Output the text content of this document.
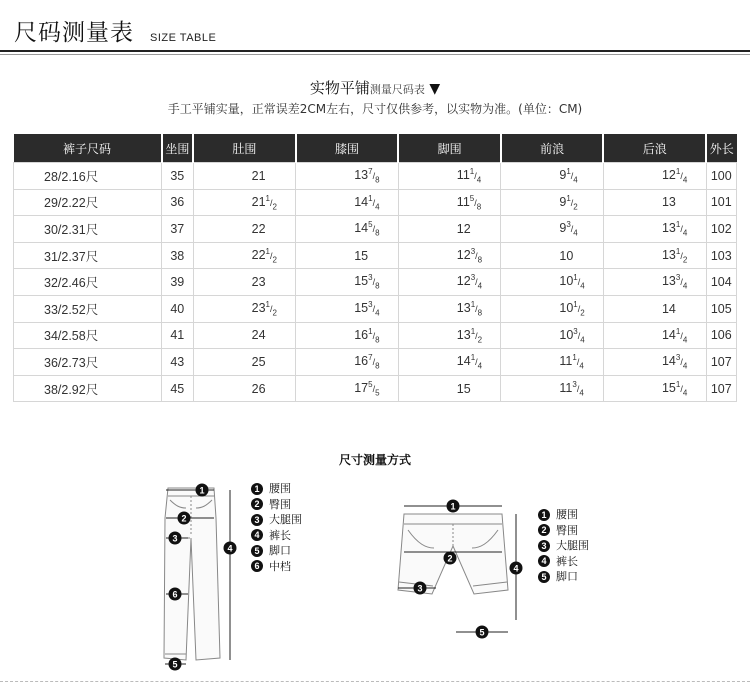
尺码测量表 SIZE TABLE
实物平铺测量尺码表 ▼
手工平铺实量，正常误差2CM左右，尺寸仅供参考，以实物为准。(单位：CM)
裤子尺码	坐围	肚围	膝围	脚围	前浪	后浪	外长
28/2.16尺	35	21	$13^7/_8$	$11^1/_4$	$9^1/_4$	$12^1/_4$	100
29/2.22尺	36	$21^1/_2$	$14^1/_4$	$11^5/_8$	$9^1/_2$	13	101
30/2.31尺	37	22	$14^5/_8$	12	$9^3/_4$	$13^1/_4$	102
31/2.37尺	38	$22^1/_2$	15	$12^3/_8$	10	$13^1/_2$	103
32/2.46尺	39	23	$15^3/_8$	$12^3/_4$	$10^1/_4$	$13^3/_4$	104
33/2.52尺	40	$23^1/_2$	$15^3/_4$	$13^1/_8$	$10^1/_2$	14	105
34/2.58尺	41	24	$16^1/_8$	$13^1/_2$	$10^3/_4$	$14^1/_4$	106
36/2.73尺	43	25	$16^7/_8$	$14^1/_4$	$11^1/_4$	$14^3/_4$	107
38/2.92尺	45	26	$17^5/_5$	15	$11^3/_4$	$15^1/_4$	107
尺寸测量方式
1
2
3
4
5
6
1 腰围
2 臀围
3 大腿围
4 裤长
5 脚口
6 中档
1
2
3
4
5
1 腰围
2 臀围
3 大腿围
4 裤长
5 脚口
